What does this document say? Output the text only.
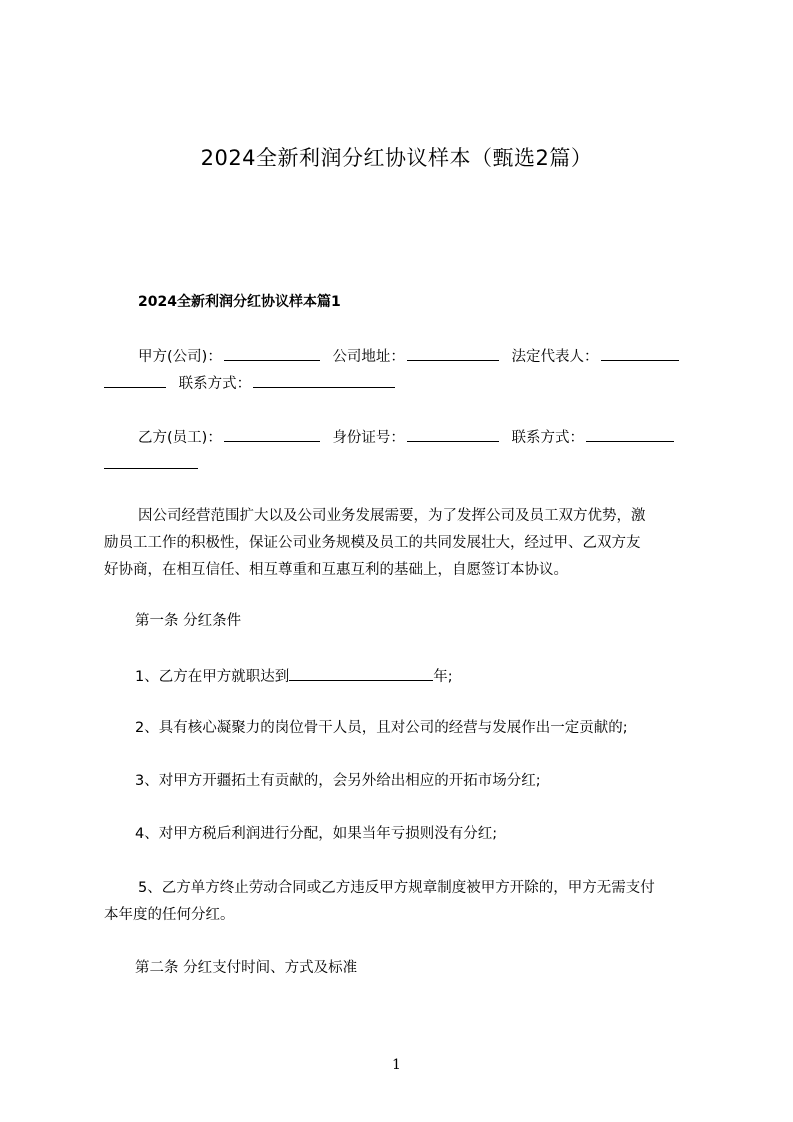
2024全新利润分红协议样本（甄选2篇）
2024全新利润分红协议样本篇1
甲方(公司)：	公司地址：	法定代表人：
联系方式：
乙方(员工)：	身份证号：	联系方式：
因公司经营范围扩大以及公司业务发展需要，为了发挥公司及员工双方优势，激
励员工工作的积极性，保证公司业务规模及员工的共同发展壮大，经过甲、乙双方友
好协商，在相互信任、相互尊重和互惠互利的基础上，自愿签订本协议。
第一条 分红条件
1、乙方在甲方就职达到	年;
2、具有核心凝聚力的岗位骨干人员，且对公司的经营与发展作出一定贡献的;
3、对甲方开疆拓土有贡献的，会另外给出相应的开拓市场分红;
4、对甲方税后利润进行分配，如果当年亏损则没有分红;
5、乙方单方终止劳动合同或乙方违反甲方规章制度被甲方开除的，甲方无需支付
本年度的任何分红。
第二条 分红支付时间、方式及标准
1
